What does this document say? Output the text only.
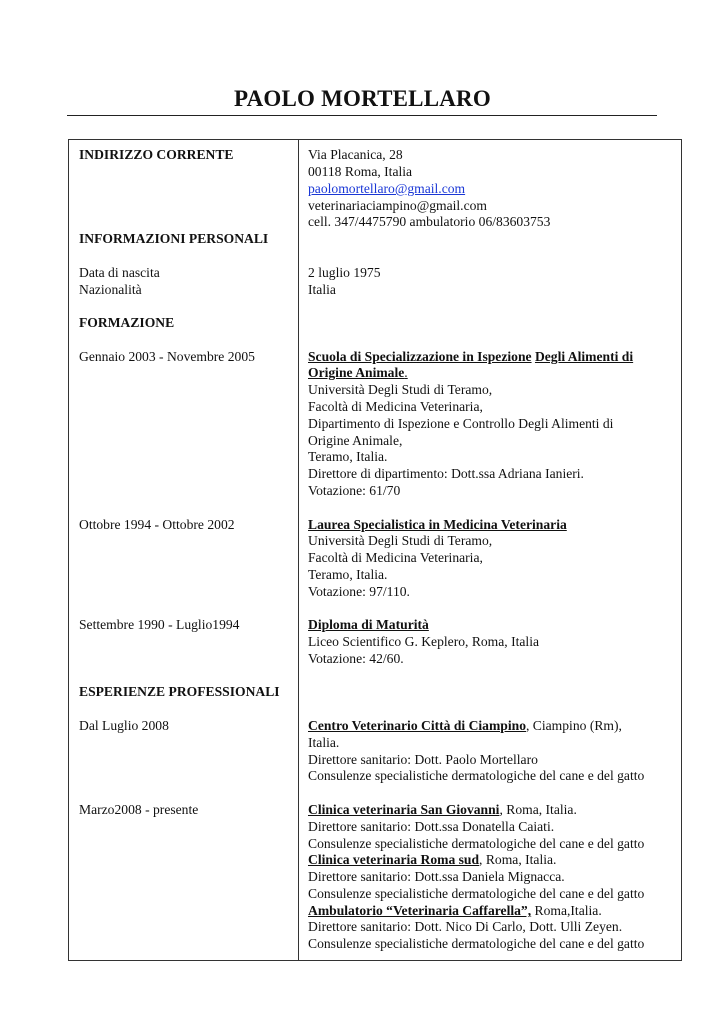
PAOLO MORTELLARO
INDIRIZZO CORRENTE	Via Placanica, 28
00118 Roma, Italia
paolomortellaro@gmail.com
veterinariaciampino@gmail.com
cell. 347/4475790 ambulatorio 06/83603753
INFORMAZIONI PERSONALI
Data di nascita	2 luglio 1975
Nazionalità	Italia
FORMAZIONE
Gennaio 2003 - Novembre 2005	Scuola di Specializzazione in Ispezione Degli Alimenti di
Origine Animale.
Università Degli Studi di Teramo,
Facoltà di Medicina Veterinaria,
Dipartimento di Ispezione e Controllo Degli Alimenti di
Origine Animale,
Teramo, Italia.
Direttore di dipartimento: Dott.ssa Adriana Ianieri.
Votazione: 61/70
Ottobre 1994 - Ottobre 2002	Laurea Specialistica in Medicina Veterinaria
Università Degli Studi di Teramo,
Facoltà di Medicina Veterinaria,
Teramo, Italia.
Votazione: 97/110.
Settembre 1990 - Luglio1994	Diploma di Maturità
Liceo Scientifico G. Keplero, Roma, Italia
Votazione: 42/60.
ESPERIENZE PROFESSIONALI
Dal Luglio 2008	Centro Veterinario Città di Ciampino, Ciampino (Rm),
Italia.
Direttore sanitario: Dott. Paolo Mortellaro
Consulenze specialistiche dermatologiche del cane e del gatto
Marzo2008 - presente	Clinica veterinaria San Giovanni, Roma, Italia.
Direttore sanitario: Dott.ssa Donatella Caiati.
Consulenze specialistiche dermatologiche del cane e del gatto
Clinica veterinaria Roma sud, Roma, Italia.
Direttore sanitario: Dott.ssa Daniela Mignacca.
Consulenze specialistiche dermatologiche del cane e del gatto
Ambulatorio “Veterinaria Caffarella”, Roma,Italia.
Direttore sanitario: Dott. Nico Di Carlo, Dott. Ulli Zeyen.
Consulenze specialistiche dermatologiche del cane e del gatto
